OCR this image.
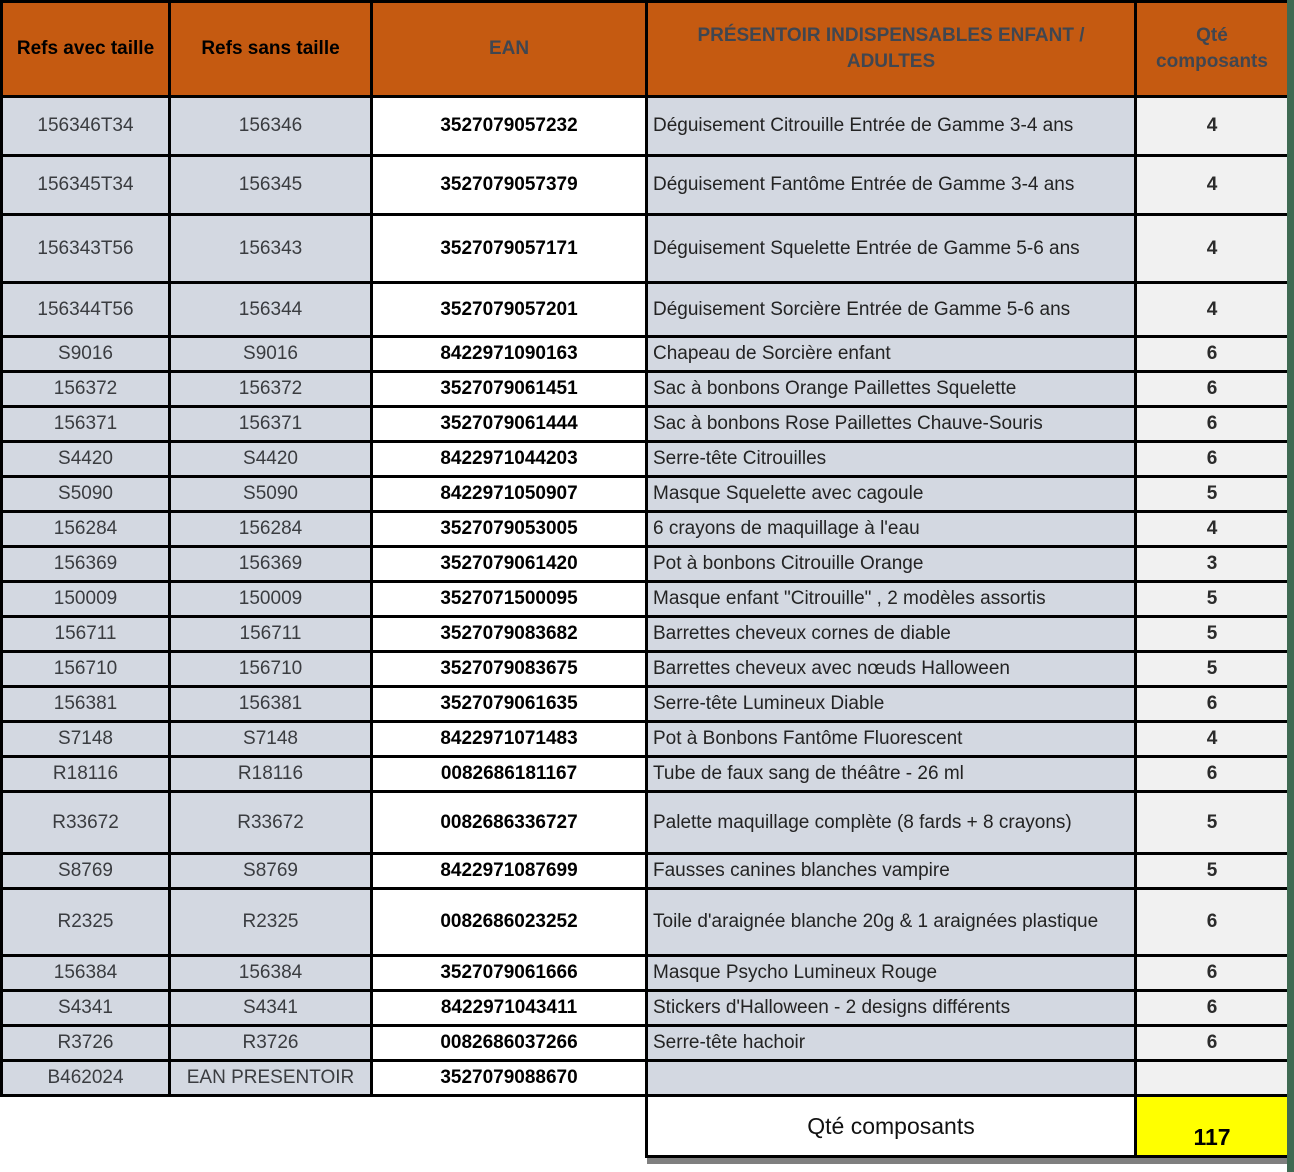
Refs avec taille	Refs sans taille	EAN	PRÉSENTOIR INDISPENSABLES ENFANT / ADULTES	Qté composants
156346T34	156346	3527079057232	Déguisement Citrouille Entrée de Gamme 3-4 ans	4
156345T34	156345	3527079057379	Déguisement Fantôme Entrée de Gamme 3-4 ans	4
156343T56	156343	3527079057171	Déguisement Squelette Entrée de Gamme 5-6 ans	4
156344T56	156344	3527079057201	Déguisement Sorcière Entrée de Gamme 5-6 ans	4
S9016	S9016	8422971090163	Chapeau de Sorcière enfant	6
156372	156372	3527079061451	Sac à bonbons Orange Paillettes Squelette	6
156371	156371	3527079061444	Sac à bonbons Rose Paillettes Chauve-Souris	6
S4420	S4420	8422971044203	Serre-tête Citrouilles	6
S5090	S5090	8422971050907	Masque Squelette avec cagoule	5
156284	156284	3527079053005	6 crayons de maquillage à l'eau	4
156369	156369	3527079061420	Pot à bonbons Citrouille Orange	3
150009	150009	3527071500095	Masque enfant "Citrouille" , 2 modèles assortis	5
156711	156711	3527079083682	Barrettes cheveux cornes de diable	5
156710	156710	3527079083675	Barrettes cheveux avec nœuds Halloween	5
156381	156381	3527079061635	Serre-tête Lumineux Diable	6
S7148	S7148	8422971071483	Pot à Bonbons Fantôme Fluorescent	4
R18116	R18116	0082686181167	Tube de faux sang de théâtre - 26 ml	6
R33672	R33672	0082686336727	Palette maquillage complète (8 fards + 8 crayons)	5
S8769	S8769	8422971087699	Fausses canines blanches vampire	5
R2325	R2325	0082686023252	Toile d'araignée blanche 20g & 1 araignées plastique	6
156384	156384	3527079061666	Masque Psycho Lumineux Rouge	6
S4341	S4341	8422971043411	Stickers d'Halloween - 2 designs différents	6
R3726	R3726	0082686037266	Serre-tête hachoir	6
B462024	EAN PRESENTOIR	3527079088670		
			Qté composants	117
